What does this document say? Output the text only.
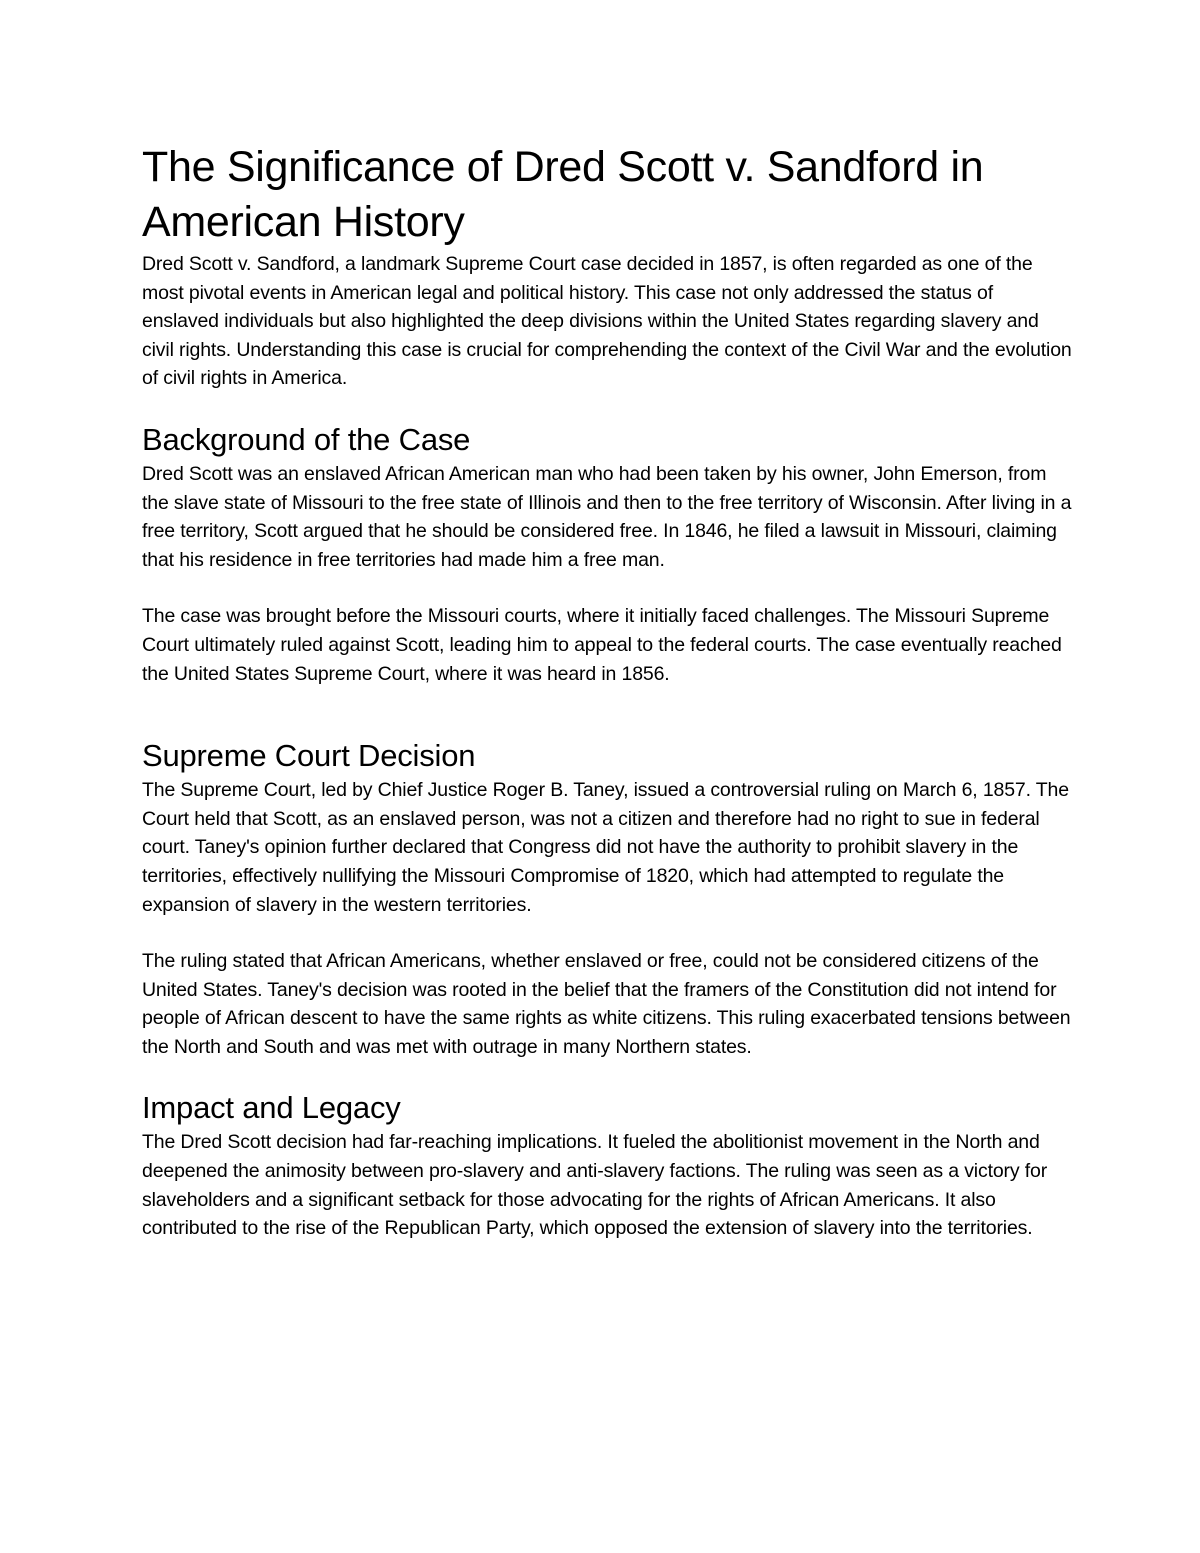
The Significance of Dred Scott v. Sandford in American History

Dred Scott v. Sandford, a landmark Supreme Court case decided in 1857, is often regarded as one of the most pivotal events in American legal and political history. This case not only addressed the status of enslaved individuals but also highlighted the deep divisions within the United States regarding slavery and civil rights. Understanding this case is crucial for comprehending the context of the Civil War and the evolution of civil rights in America.

Background of the Case

Dred Scott was an enslaved African American man who had been taken by his owner, John Emerson, from the slave state of Missouri to the free state of Illinois and then to the free territory of Wisconsin. After living in a free territory, Scott argued that he should be considered free. In 1846, he filed a lawsuit in Missouri, claiming that his residence in free territories had made him a free man.

The case was brought before the Missouri courts, where it initially faced challenges. The Missouri Supreme Court ultimately ruled against Scott, leading him to appeal to the federal courts. The case eventually reached the United States Supreme Court, where it was heard in 1856.

Supreme Court Decision

The Supreme Court, led by Chief Justice Roger B. Taney, issued a controversial ruling on March 6, 1857. The Court held that Scott, as an enslaved person, was not a citizen and therefore had no right to sue in federal court. Taney's opinion further declared that Congress did not have the authority to prohibit slavery in the territories, effectively nullifying the Missouri Compromise of 1820, which had attempted to regulate the expansion of slavery in the western territories.

The ruling stated that African Americans, whether enslaved or free, could not be considered citizens of the United States. Taney's decision was rooted in the belief that the framers of the Constitution did not intend for people of African descent to have the same rights as white citizens. This ruling exacerbated tensions between the North and South and was met with outrage in many Northern states.

Impact and Legacy

The Dred Scott decision had far-reaching implications. It fueled the abolitionist movement in the North and deepened the animosity between pro-slavery and anti-slavery factions. The ruling was seen as a victory for slaveholders and a significant setback for those advocating for the rights of African Americans. It also contributed to the rise of the Republican Party, which opposed the extension of slavery into the territories.
